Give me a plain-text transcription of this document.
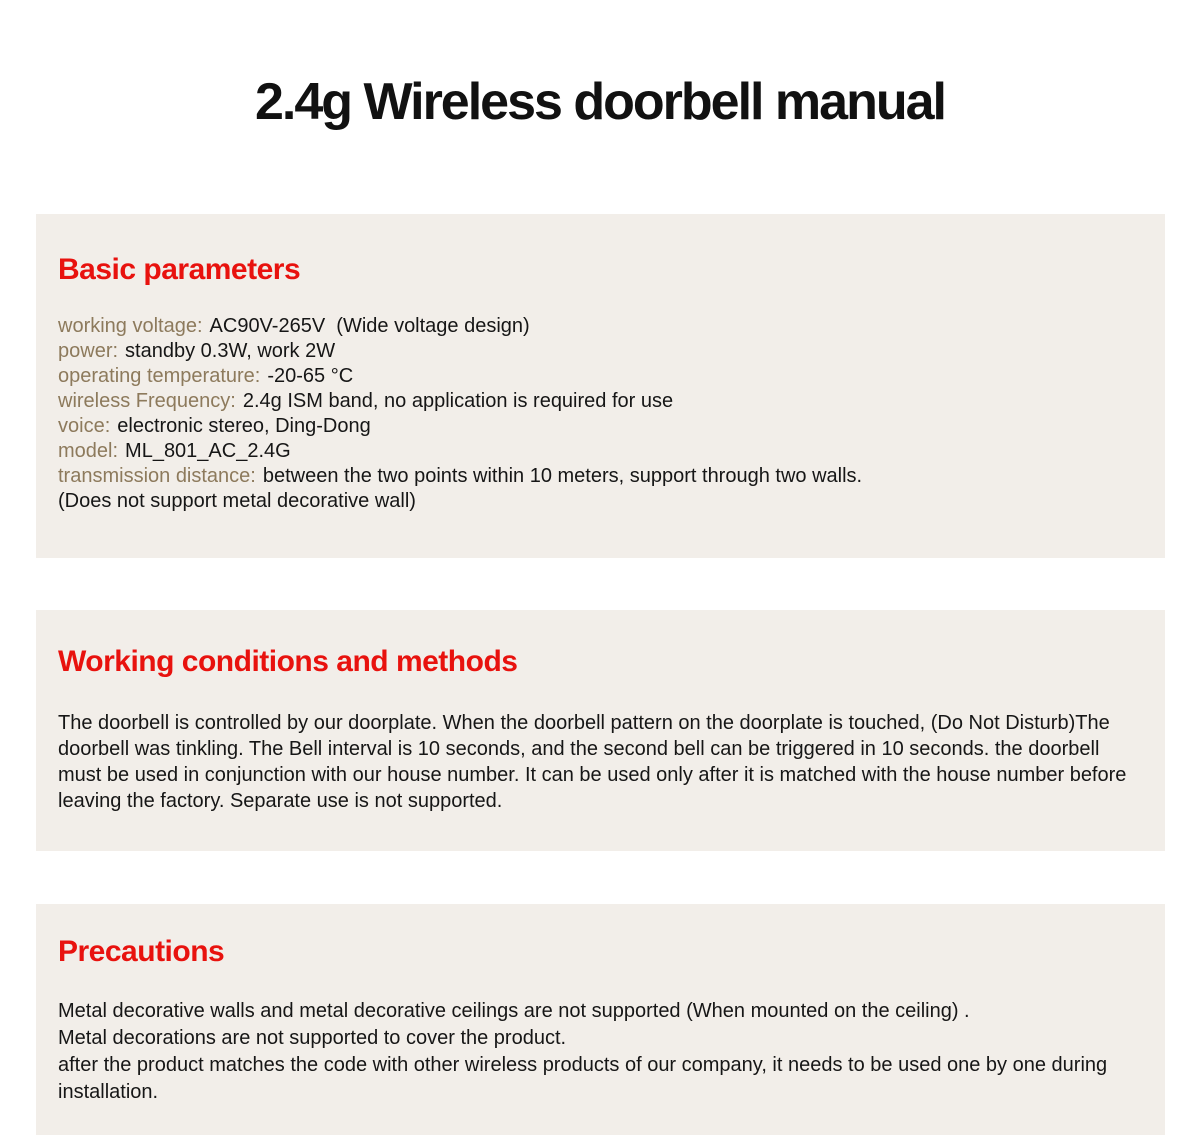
2.4g Wireless doorbell manual
Basic parameters
working voltage: AC90V-265V  (Wide voltage design)
power: standby 0.3W, work 2W
operating temperature: -20-65 °C
wireless Frequency: 2.4g ISM band, no application is required for use
voice: electronic stereo, Ding-Dong
model: ML_801_AC_2.4G
transmission distance: between the two points within 10 meters, support through two walls.
(Does not support metal decorative wall)
Working conditions and methods

The doorbell is controlled by our doorplate. When the doorbell pattern on the doorplate is touched, (Do Not Disturb)The doorbell was tinkling. The Bell interval is 10 seconds, and the second bell can be triggered in 10 seconds. the doorbell must be used in conjunction with our house number. It can be used only after it is matched with the house number before leaving the factory. Separate use is not supported.

Precautions

Metal decorative walls and metal decorative ceilings are not supported (When mounted on the ceiling) .
Metal decorations are not supported to cover the product.
after the product matches the code with other wireless products of our company, it needs to be used one by one during installation.
